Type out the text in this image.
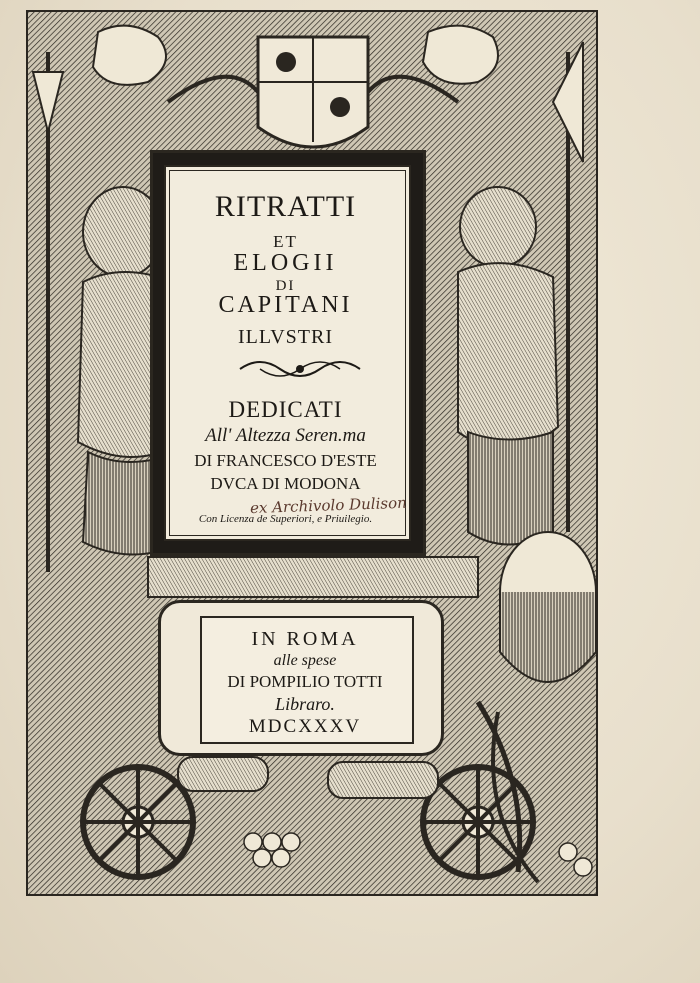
RITRATTI
ET
ELOGII
DI
CAPITANI
ILLVSTRI
DEDICATI
All' Altezza Seren.ma
DI FRANCESCO D'ESTE
DVCA DI MODONA
ex Archivolo Dulison
Con Licenza de Superiori, e Priuilegio.
IN ROMA
alle spese
DI POMPILIO TOTTI
Libraro.
MDCXXXV
